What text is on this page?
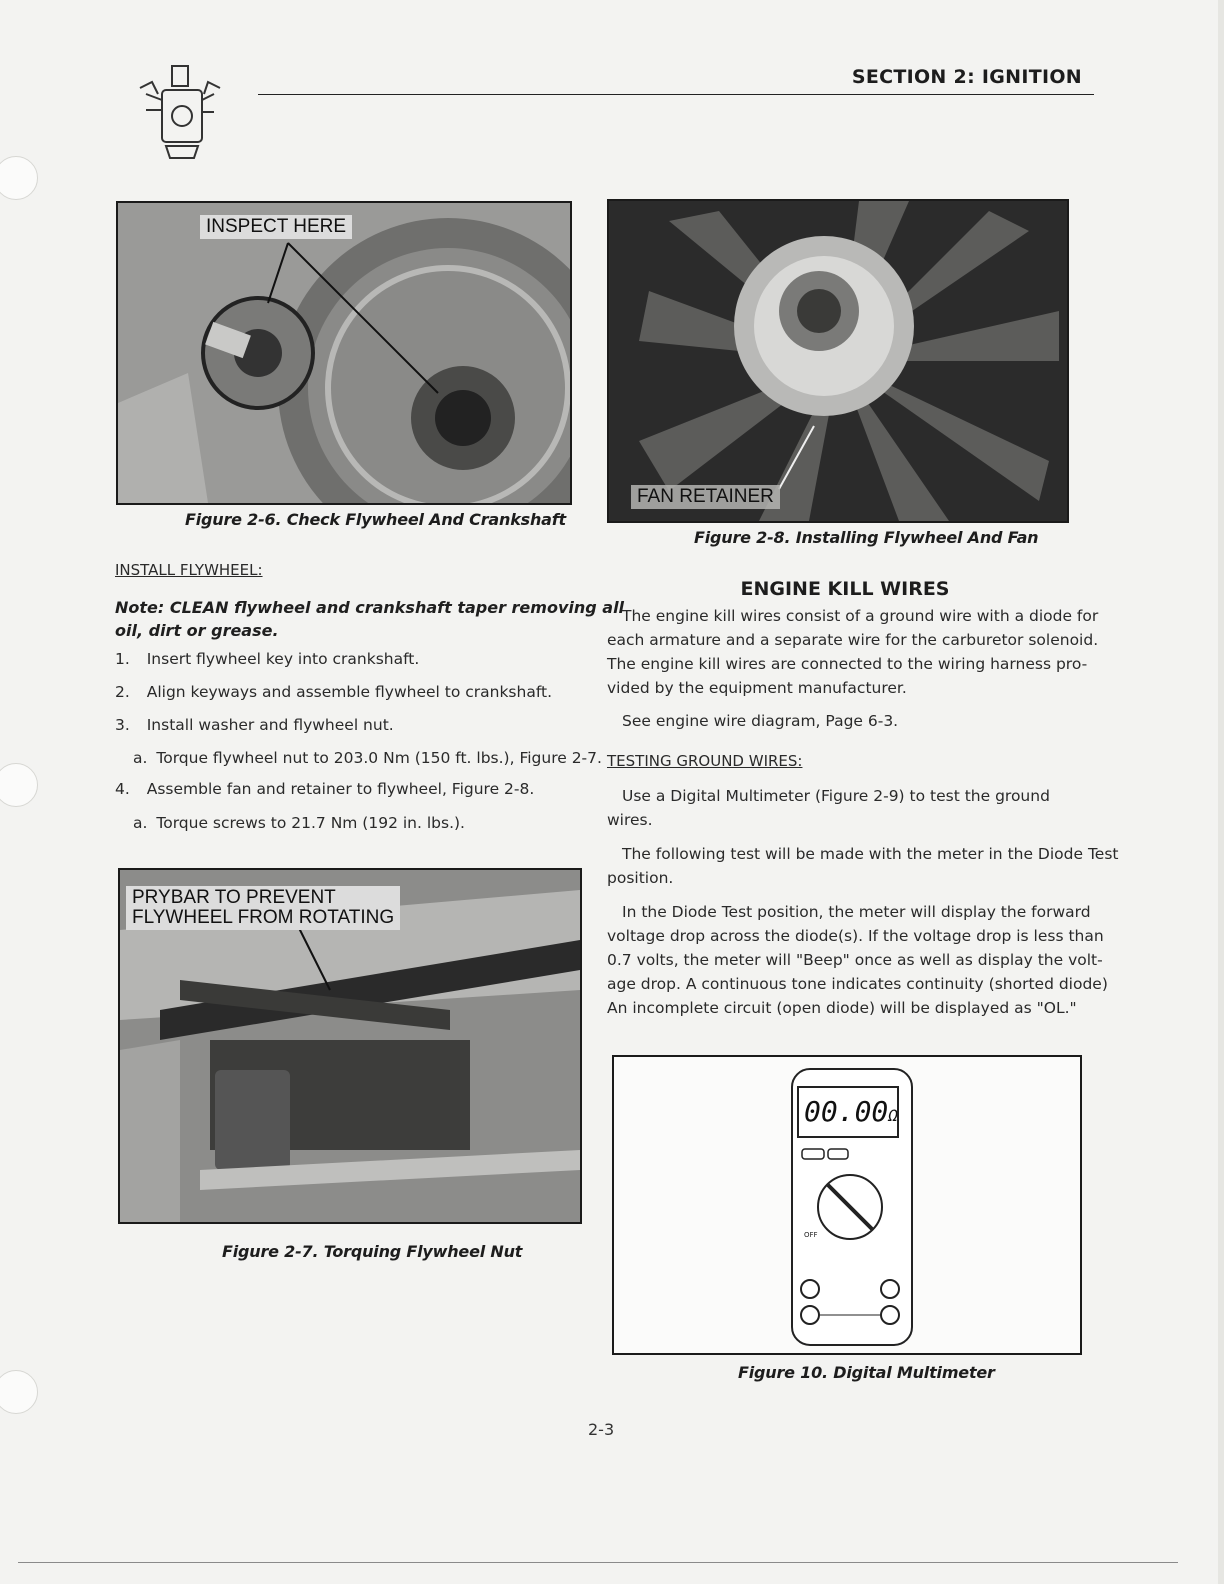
SECTION 2: IGNITION
INSPECT HERE
Figure 2-6. Check Flywheel And Crankshaft
INSTALL FLYWHEEL:
Note: CLEAN flywheel and crankshaft taper removing all
oil, dirt or grease.
1. Insert flywheel key into crankshaft.
2. Align keyways and assemble flywheel to crankshaft.
3. Install washer and flywheel nut.
a. Torque flywheel nut to 203.0 Nm (150 ft. lbs.), Figure 2-7.
4. Assemble fan and retainer to flywheel, Figure 2-8.
a. Torque screws to 21.7 Nm (192 in. lbs.).
PRYBAR TO PREVENT
FLYWHEEL FROM ROTATING
Figure 2-7. Torquing Flywheel Nut
FAN RETAINER
Figure 2-8. Installing Flywheel And Fan
ENGINE KILL WIRES
The engine kill wires consist of a ground wire with a diode for
each armature and a separate wire for the carburetor solenoid.
The engine kill wires are connected to the wiring harness pro-
vided by the equipment manufacturer.
See engine wire diagram, Page 6-3.
TESTING GROUND WIRES:
Use a Digital Multimeter (Figure 2-9) to test the ground
wires.
The following test will be made with the meter in the Diode Test
position.
In the Diode Test position, the meter will display the forward
voltage drop across the diode(s). If the voltage drop is less than
0.7 volts, the meter will "Beep" once as well as display the volt-
age drop. A continuous tone indicates continuity (shorted diode)
An incomplete circuit (open diode) will be displayed as "OL."
OFF
00.00Ω
Figure 10. Digital Multimeter
2-3
